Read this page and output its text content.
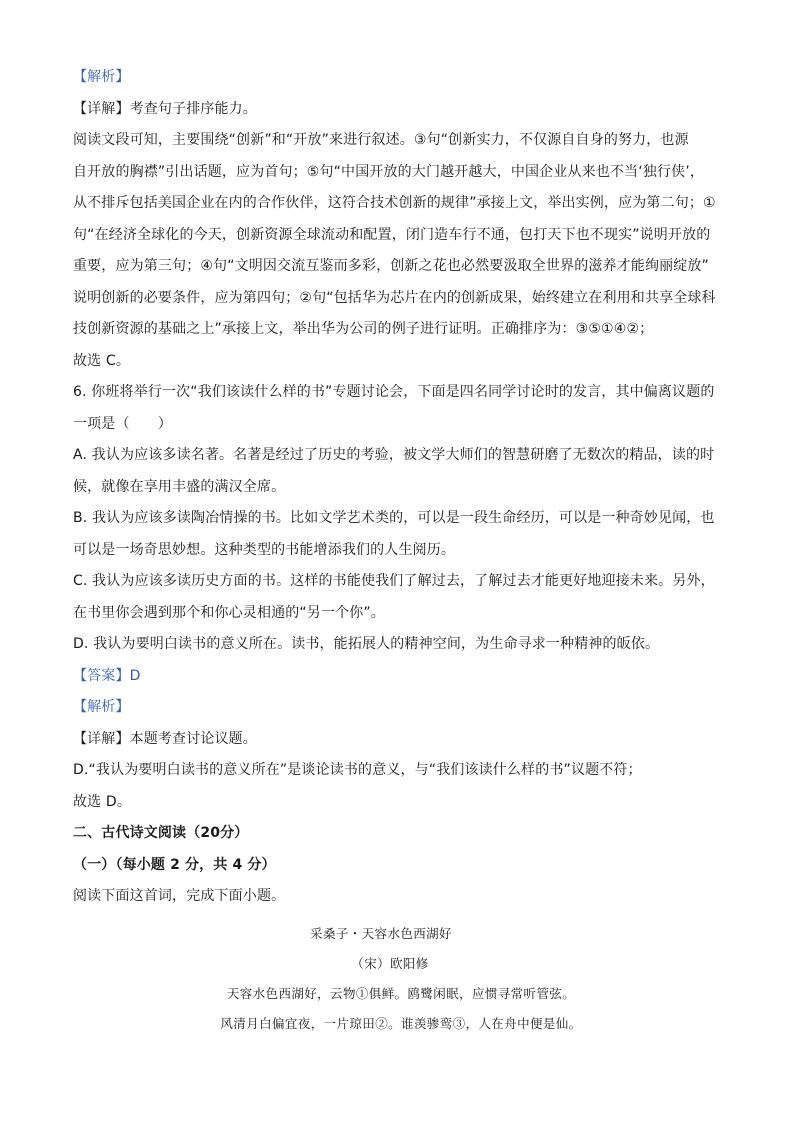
【解析】
【详解】考查句子排序能力。
阅读文段可知，主要围绕“创新”和“开放”来进行叙述。③句“创新实力，不仅源自自身的努力，也源
自开放的胸襟”引出话题，应为首句；⑤句“中国开放的大门越开越大，中国企业从来也不当‘独行侠’，
从不排斥包括美国企业在内的合作伙伴，这符合技术创新的规律”承接上文，举出实例，应为第二句；①
句“在经济全球化的今天，创新资源全球流动和配置，闭门造车行不通，包打天下也不现实”说明开放的
重要，应为第三句；④句“文明因交流互鉴而多彩，创新之花也必然要汲取全世界的滋养才能绚丽绽放”
说明创新的必要条件，应为第四句；②句“包括华为芯片在内的创新成果，始终建立在利用和共享全球科
技创新资源的基础之上”承接上文，举出华为公司的例子进行证明。正确排序为：③⑤①④②；
故选 C。
6. 你班将举行一次“我们该读什么样的书”专题讨论会，下面是四名同学讨论时的发言，其中偏离议题的
一项是（　　）
A. 我认为应该多读名著。名著是经过了历史的考验，被文学大师们的智慧研磨了无数次的精品，读的时
候，就像在享用丰盛的满汉全席。
B. 我认为应该多读陶冶情操的书。比如文学艺术类的，可以是一段生命经历，可以是一种奇妙见闻，也
可以是一场奇思妙想。这种类型的书能增添我们的人生阅历。
C. 我认为应该多读历史方面的书。这样的书能使我们了解过去，了解过去才能更好地迎接未来。另外，
在书里你会遇到那个和你心灵相通的“另一个你”。
D. 我认为要明白读书的意义所在。读书，能拓展人的精神空间，为生命寻求一种精神的皈依。
【答案】D
【解析】
【详解】本题考查讨论议题。
D.“我认为要明白读书的意义所在”是谈论读书的意义，与“我们该读什么样的书”议题不符；
故选 D。
二、古代诗文阅读（20分）
（一）（每小题 2 分，共 4 分）
阅读下面这首词，完成下面小题。
采桑子・天容水色西湖好
（宋）欧阳修
天容水色西湖好，云物①俱鲜。鸥鹭闲眠，应惯寻常听管弦。
风清月白偏宜夜，一片琼田②。谁羡骖鸾③，人在舟中便是仙。
